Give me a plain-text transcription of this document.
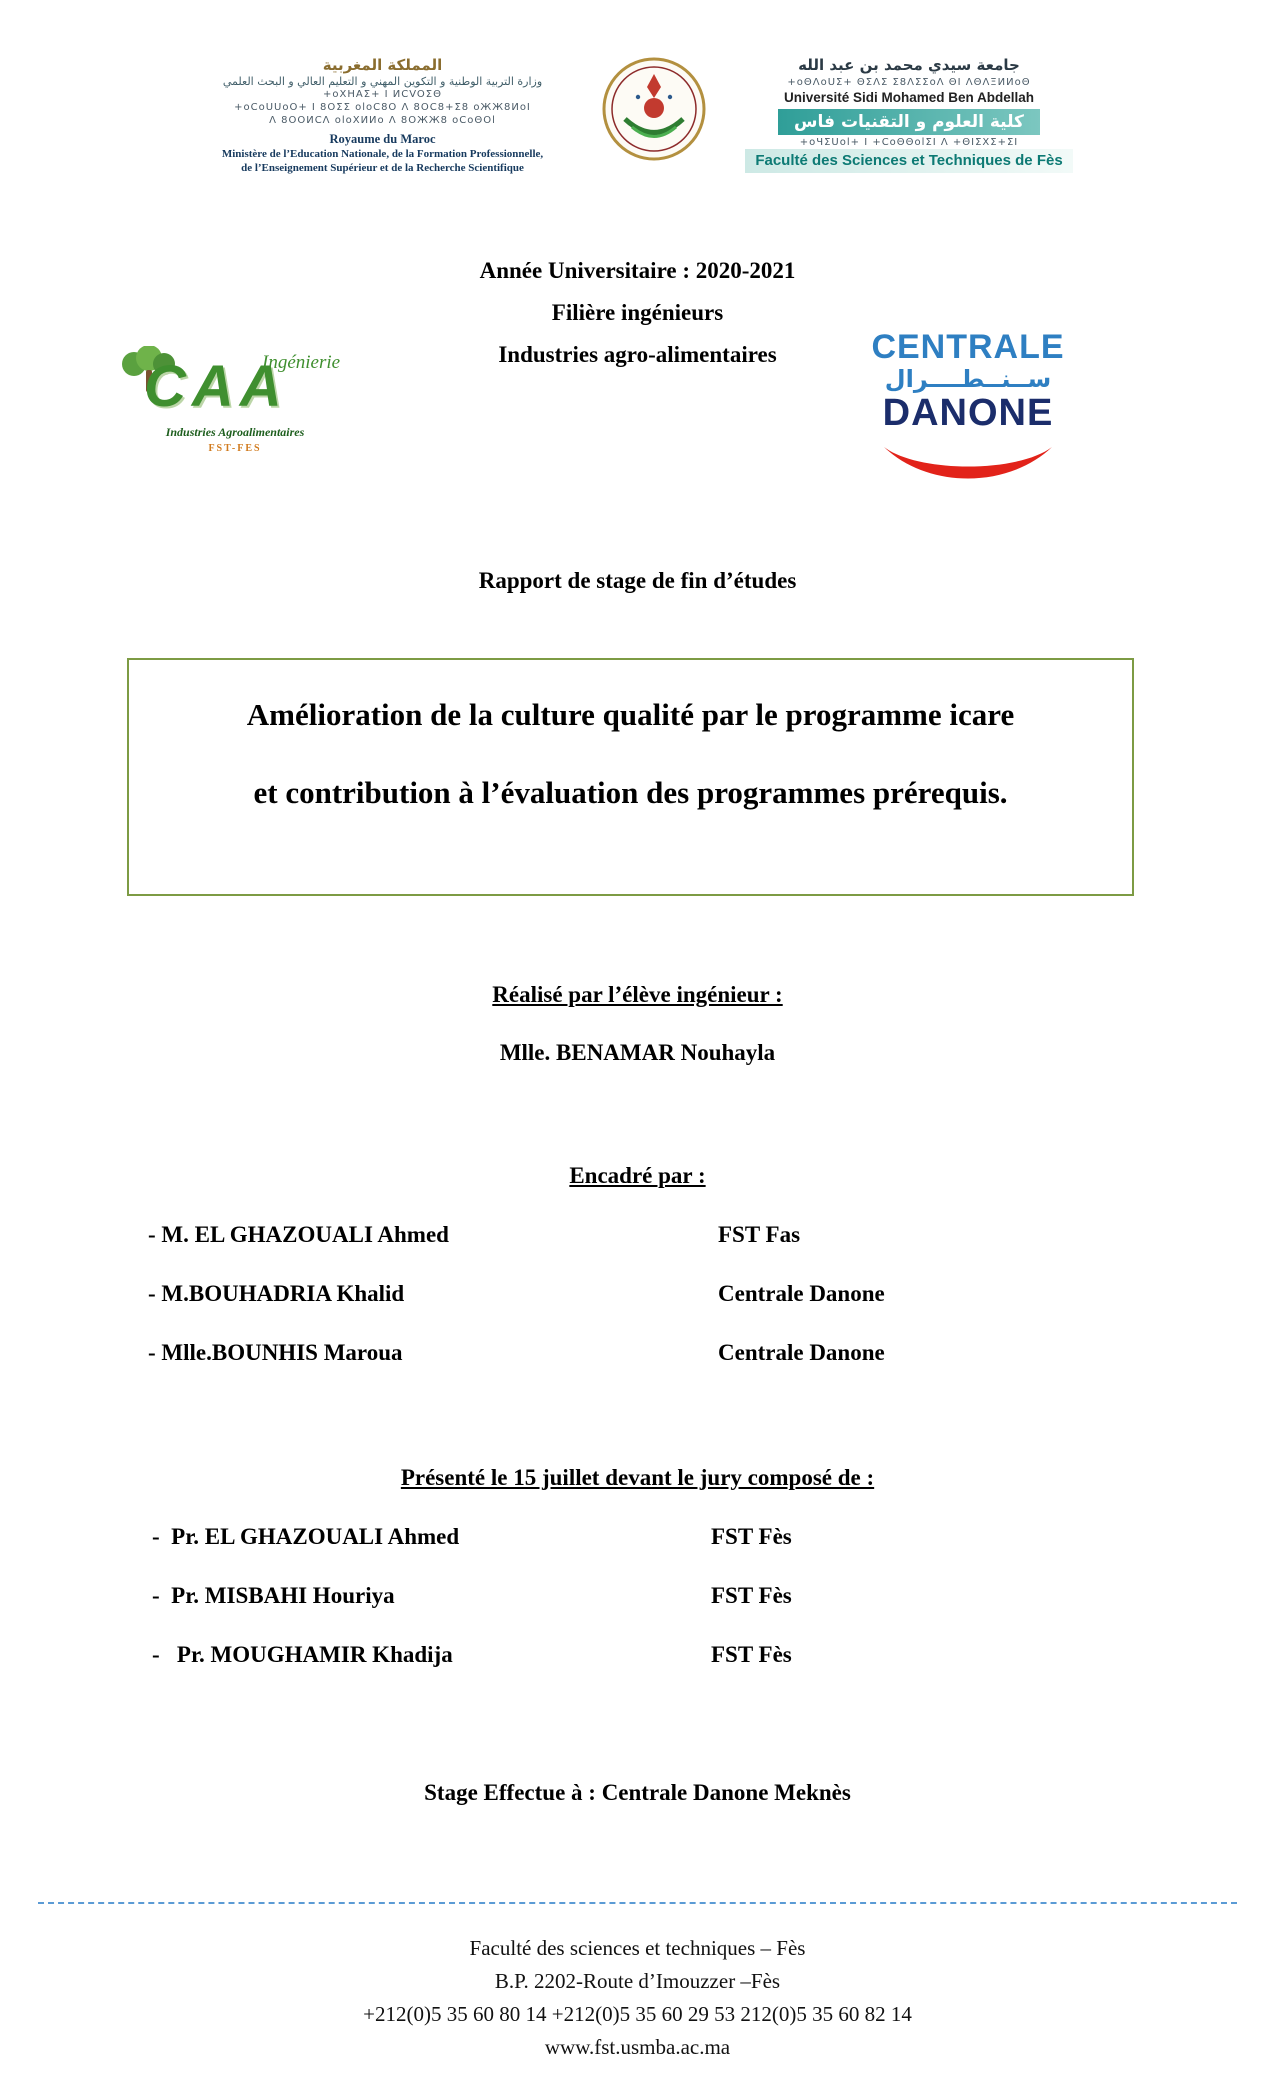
المملكة المغربية
وزارة التربية الوطنية و التكوين المهني و التعليم العالي و البحث العلمي
+oXHAΣ+ I ИCVOΣΘ
+oCoUUoO+ I 8OΣΣ oloC8O Λ 8OC8+Σ8 oЖЖ8ИoI
Λ 8OOИCΛ oloXИИo Λ 8OЖЖ8 oCoΘOl
Royaume du Maroc
Ministère de l’Education Nationale, de la Formation Professionnelle,
de l’Enseignement Supérieur et de la Recherche Scientifique
جامعة سيدي محمد بن عبد الله
+oΘΛoUΣ+ ΘΣΛΣ Σ8ΛΣΣoΛ ΘI ΛΘΛΞИИoΘ
Université Sidi Mohamed Ben Abdellah
كلية العلوم و التقنيات فاس
+oЧΣUol+ I +CoΘΘolΣI Λ +ΘIΣXΣ+ΣI
Faculté des Sciences et Techniques de Fès
Année Universitaire : 2020-2021
Filière ingénieurs
Industries agro-alimentaires
Ingénierie
CAA
Industries Agroalimentaires
FST-FES
CENTRALE
ســنــطــــرال
DANONE
Rapport de stage de fin d’études
Amélioration de la culture qualité par le programme icare
et contribution à l’évaluation des programmes prérequis.
Réalisé par l’élève ingénieur :
Mlle. BENAMAR Nouhayla
Encadré par :
- M. EL GHAZOUALI Ahmed	FST Fas
- M.BOUHADRIA Khalid	Centrale Danone
- Mlle.BOUNHIS Maroua	Centrale Danone
Présenté le 15 juillet devant le jury composé de :
-  Pr. EL GHAZOUALI Ahmed	FST Fès
-  Pr. MISBAHI Houriya	FST Fès
-   Pr. MOUGHAMIR Khadija	FST Fès
Stage Effectue à : Centrale Danone Meknès
Faculté des sciences et techniques – Fès
B.P. 2202-Route d’Imouzzer –Fès
+212(0)5 35 60 80 14 +212(0)5 35 60 29 53 212(0)5 35 60 82 14
www.fst.usmba.ac.ma
